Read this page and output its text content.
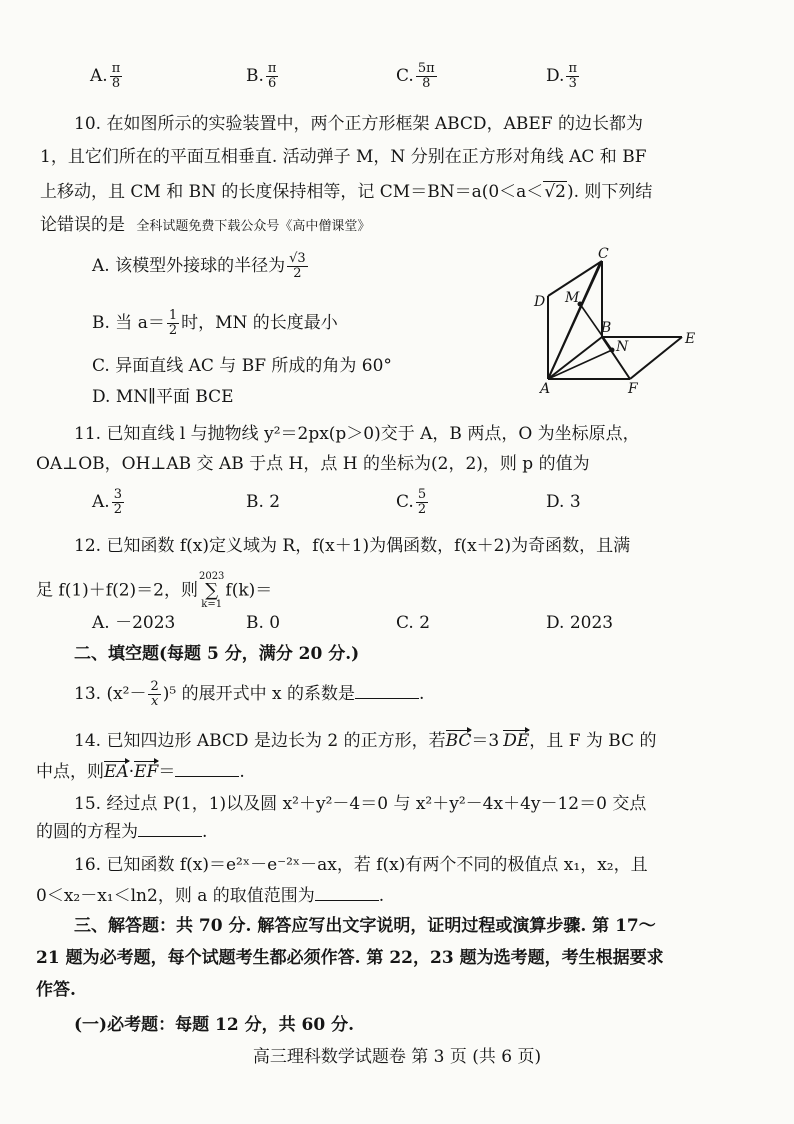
A. $\frac{\pi}{8}$	B. $\frac{\pi}{6}$	C. $\frac{5\pi}{8}$	D. $\frac{\pi}{3}$
10. 在如图所示的实验装置中，两个正方形框架 ABCD，ABEF 的边长都为
1，且它们所在的平面互相垂直. 活动弹子 M，N 分别在正方形对角线 AC 和 BF
上移动，且 CM 和 BN 的长度保持相等，记 CM＝BN＝a(0＜a＜√2). 则下列结
论错误的是 全科试题免费下载公众号《高中僧课堂》
A. 该模型外接球的半径为 $\frac{√3}{2}$
B. 当 $a= \frac{1}{2}$ 时，MN 的长度最小
C. 异面直线 AC 与 BF 所成的角为 60°
D. MN∥平面 BCE
C
D M
B
N	E
A	F
11. 已知直线 l 与抛物线 y²＝2px(p＞0)交于 A，B 两点，O 为坐标原点，
OA⊥OB，OH⊥AB 交 AB 于点 H，点 H 的坐标为(2，2)，则 p 的值为
A. $\frac{3}{2}$	B. 2	C. $\frac{5}{2}$	D. 3
12. 已知函数 f(x)定义域为 R，f(x＋1)为偶函数，f(x＋2)为奇函数，且满
足 f(1)＋f(2)＝2，则2023
∑
k=1f(k)＝
A. －2023	B. 0	C. 2	D. 2023
二、填空题(每题 5 分，满分 20 分.)
13. $(x^2- \frac{2}{x} )^5$ 的展开式中 x 的系数是	.
14. 已知四边形 ABCD 是边长为 2 的正方形，若BC＝3 DE，且 F 为 BC 的
中点，则EA·EF＝	.
15. 经过点 P(1，1)以及圆 x²＋y²－4＝0 与 x²＋y²－4x＋4y－12＝0 交点
的圆的方程为	.
16. 已知函数 f(x)＝e²ˣ－e⁻²ˣ－ax，若 f(x)有两个不同的极值点 x₁，x₂，且
0＜x₂－x₁＜ln2，则 a 的取值范围为	.
三、解答题：共 70 分. 解答应写出文字说明，证明过程或演算步骤. 第 17～
21 题为必考题，每个试题考生都必须作答. 第 22，23 题为选考题，考生根据要求
作答.
(一)必考题：每题 12 分，共 60 分.
高三理科数学试题卷 第 3 页 (共 6 页)
